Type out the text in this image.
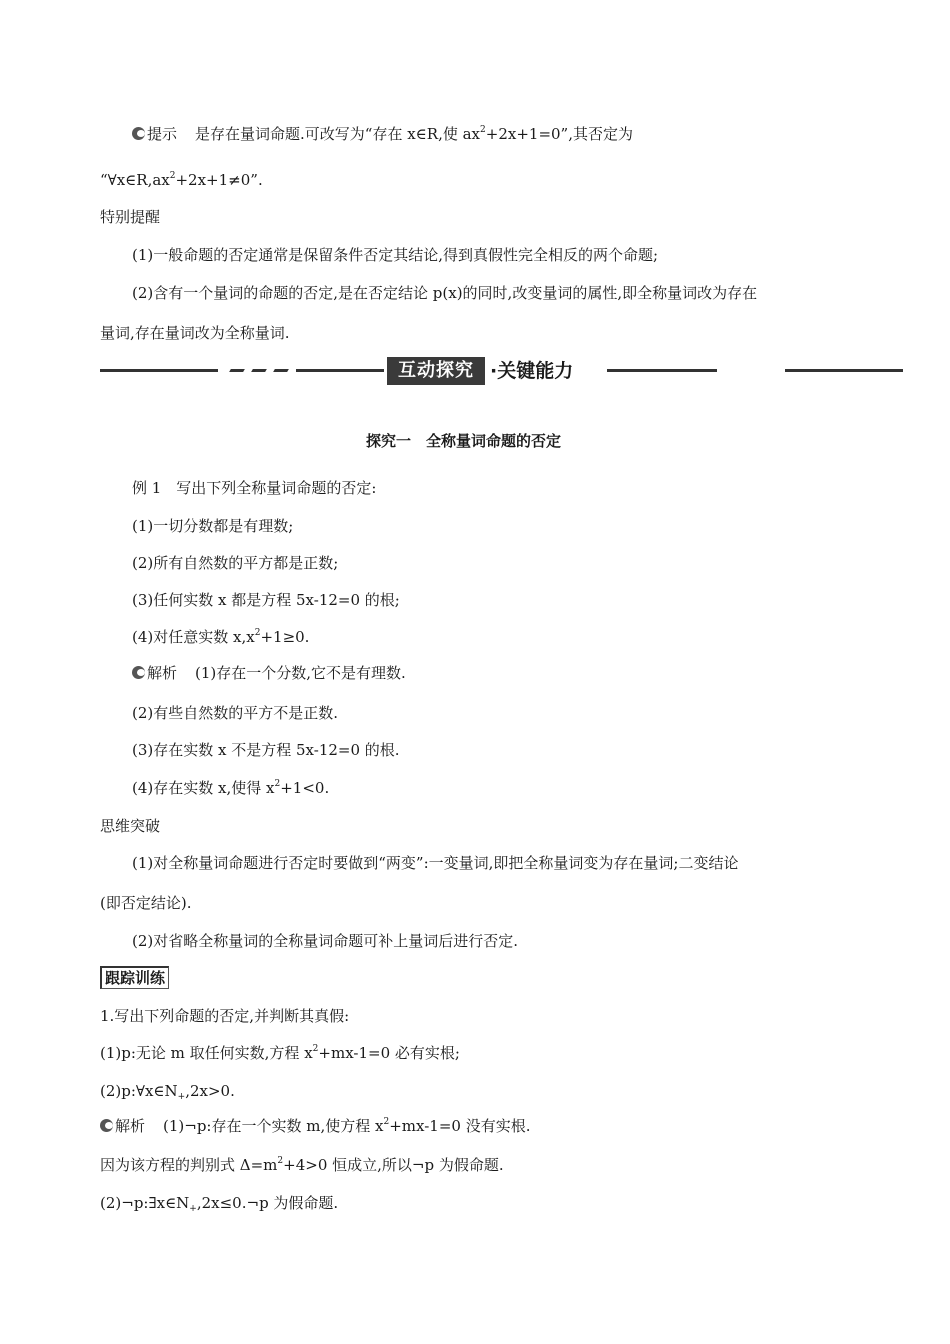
提示 是存在量词命题.可改写为“存在 x∈R,使 $ax^2+2x+1=0$”,其否定为
“$\forall x\in R,ax^2+2x+1\ne 0$”.
特别提醒
(1)一般命题的否定通常是保留条件否定其结论,得到真假性完全相反的两个命题;
(2)含有一个量词的命题的否定,是在否定结论 p(x)的同时,改变量词的属性,即全称量词改为存在
量词,存在量词改为全称量词.
互动探究 ·关键能力
探究一　全称量词命题的否定
例 1　写出下列全称量词命题的否定:
(1)一切分数都是有理数;
(2)所有自然数的平方都是正数;
(3)任何实数 x 都是方程 5x-12=0 的根;
(4)对任意实数 $x,x^2+1\ge 0$.
解析 (1)存在一个分数,它不是有理数.
(2)有些自然数的平方不是正数.
(3)存在实数 x 不是方程 5x-12=0 的根.
(4)存在实数 x,使得 $x^2+1<0$.
思维突破
(1)对全称量词命题进行否定时要做到“两变”:一变量词,即把全称量词变为存在量词;二变结论
(即否定结论).
(2)对省略全称量词的全称量词命题可补上量词后进行否定.
跟踪训练
1.写出下列命题的否定,并判断其真假:
(1)p:无论 m 取任何实数,方程 $x^2+mx-1=0$ 必有实根;
$(2)p:\forall x\in N_+,2x>0$.
解析 (1)¬p:存在一个实数 m,使方程 $x^2+mx-1=0$ 没有实根.
因为该方程的判别式 $\Delta=m^2+4>0$ 恒成立,所以¬p 为假命题.
$(2)\neg p:\exists x\in N_+,2x\le 0.\neg p$ 为假命题.
